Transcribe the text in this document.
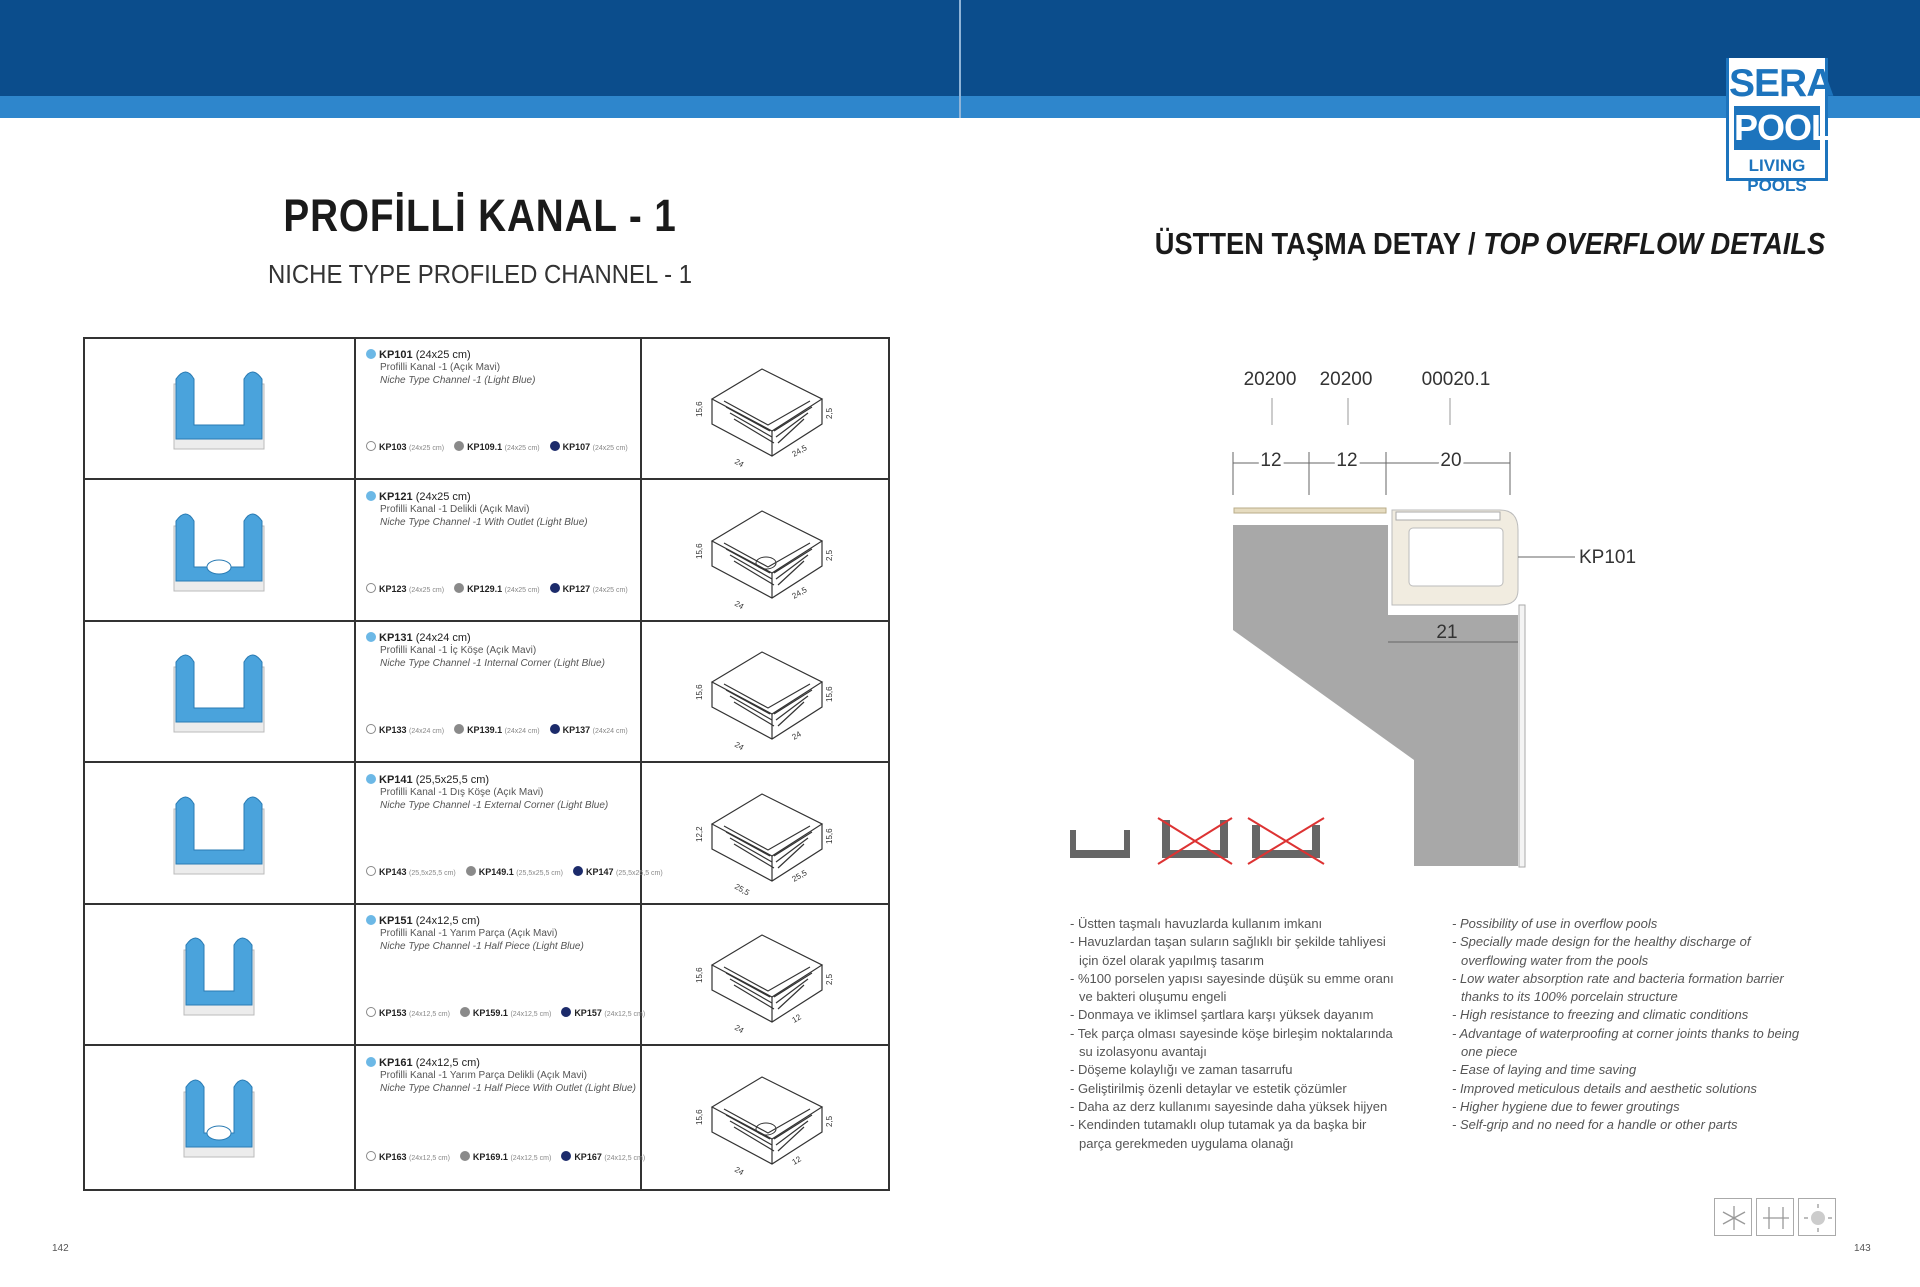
SERA
POOL
LIVING POOLS
PROFİLLİ KANAL - 1
NICHE TYPE PROFILED CHANNEL - 1
ÜSTTEN TAŞMA DETAY / TOP OVERFLOW DETAILS
KP101 (24x25 cm)
Profilli Kanal -1 (Açık Mavi)
Niche Type Channel -1 (Light Blue)
KP103 (24x25 cm)	KP109.1 (24x25 cm)	KP107 (24x25 cm)
15,6
24
24,5
2,5
KP121 (24x25 cm)
Profilli Kanal -1 Delikli (Açık Mavi)
Niche Type Channel -1 With Outlet (Light Blue)
KP123 (24x25 cm)	KP129.1 (24x25 cm)	KP127 (24x25 cm)
15,6
24
24,5
2,5
KP131 (24x24 cm)
Profilli Kanal -1 İç Köşe (Açık Mavi)
Niche Type Channel -1 Internal Corner (Light Blue)
KP133 (24x24 cm)	KP139.1 (24x24 cm)	KP137 (24x24 cm)
15,6
24
24
15,6
KP141 (25,5x25,5 cm)
Profilli Kanal -1 Dış Köşe (Açık Mavi)
Niche Type Channel -1 External Corner (Light Blue)
KP143 (25,5x25,5 cm)	KP149.1 (25,5x25,5 cm)	KP147 (25,5x25,5 cm)
12,2
25,5
25,5
15,6
KP151 (24x12,5 cm)
Profilli Kanal -1 Yarım Parça (Açık Mavi)
Niche Type Channel -1 Half Piece (Light Blue)
KP153 (24x12,5 cm)	KP159.1 (24x12,5 cm)	KP157 (24x12,5 cm)
15,6
24
12
2,5
KP161 (24x12,5 cm)
Profilli Kanal -1 Yarım Parça Delikli (Açık Mavi)
Niche Type Channel -1 Half Piece With Outlet (Light Blue)
KP163 (24x12,5 cm)	KP169.1 (24x12,5 cm)	KP167 (24x12,5 cm)
15,6
24
12
2,5
20200 20200	00020.1
12	12	20
KP101
21
- Üstten taşmalı havuzlarda kullanım imkanı
- Havuzlardan taşan suların sağlıklı bir şekilde tahliyesi için özel olarak yapılmış tasarım
- %100 porselen yapısı sayesinde düşük su emme oranı ve bakteri oluşumu engeli
- Donmaya ve iklimsel şartlara karşı yüksek dayanım
- Tek parça olması sayesinde köşe birleşim noktalarında su izolasyonu avantajı
- Döşeme kolaylığı ve zaman tasarrufu
- Geliştirilmiş özenli detaylar ve estetik çözümler
- Daha az derz kullanımı sayesinde daha yüksek hijyen
- Kendinden tutamaklı olup tutamak ya da başka bir parça gerekmeden uygulama olanağı
- Possibility of use in overflow pools
- Specially made design for the healthy discharge of overflowing water from the pools
- Low water absorption rate and bacteria formation barrier thanks to its 100% porcelain structure
- High resistance to freezing and climatic conditions
- Advantage of waterproofing at corner joints thanks to being one piece
- Ease of laying and time saving
- Improved meticulous details and aesthetic solutions
- Higher hygiene due to fewer groutings
- Self-grip and no need for a handle or other parts
142	143
